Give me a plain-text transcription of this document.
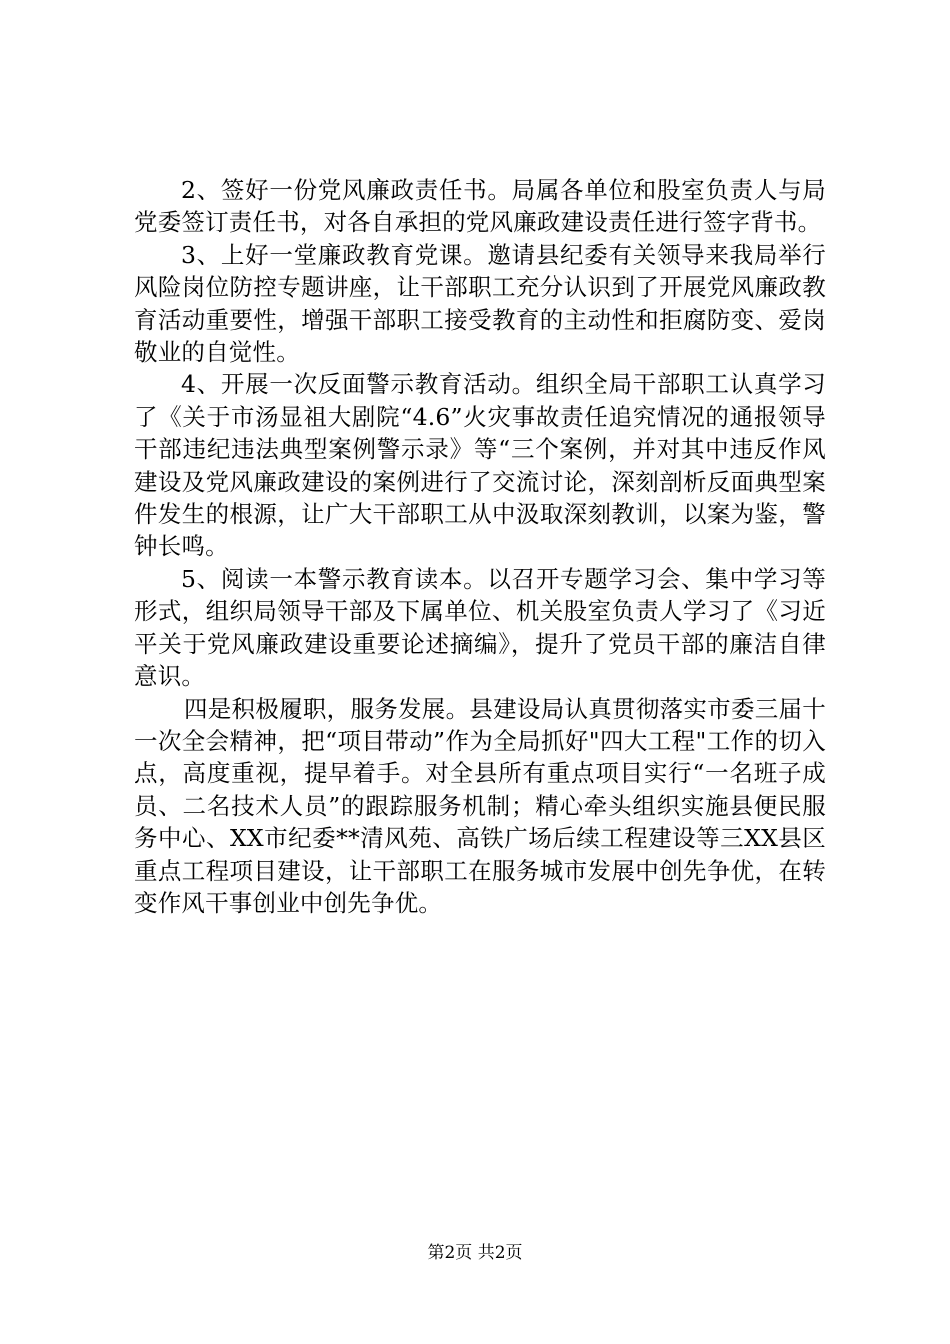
2、签好一份党风廉政责任书。局属各单位和股室负责人与局党委签订责任书，对各自承担的党风廉政建设责任进行签字背书。

3、上好一堂廉政教育党课。邀请县纪委有关领导来我局举行风险岗位防控专题讲座，让干部职工充分认识到了开展党风廉政教育活动重要性，增强干部职工接受教育的主动性和拒腐防变、爱岗敬业的自觉性。

4、开展一次反面警示教育活动。组织全局干部职工认真学习了《关于市汤显祖大剧院“4.6”火灾事故责任追究情况的通报领导干部违纪违法典型案例警示录》等“三个案例，并对其中违反作风建设及党风廉政建设的案例进行了交流讨论，深刻剖析反面典型案件发生的根源，让广大干部职工从中汲取深刻教训，以案为鉴，警钟长鸣。

5、阅读一本警示教育读本。以召开专题学习会、集中学习等形式，组织局领导干部及下属单位、机关股室负责人学习了《习近平关于党风廉政建设重要论述摘编》，提升了党员干部的廉洁自律意识。

四是积极履职，服务发展。县建设局认真贯彻落实市委三届十一次全会精神，把“项目带动”作为全局抓好"四大工程"工作的切入点，高度重视，提早着手。对全县所有重点项目实行“一名班子成员、二名技术人员”的跟踪服务机制；精心牵头组织实施县便民服务中心、XX市纪委**清风苑、高铁广场后续工程建设等三XX县区重点工程项目建设，让干部职工在服务城市发展中创先争优，在转变作风干事创业中创先争优。

第2页 共2页
